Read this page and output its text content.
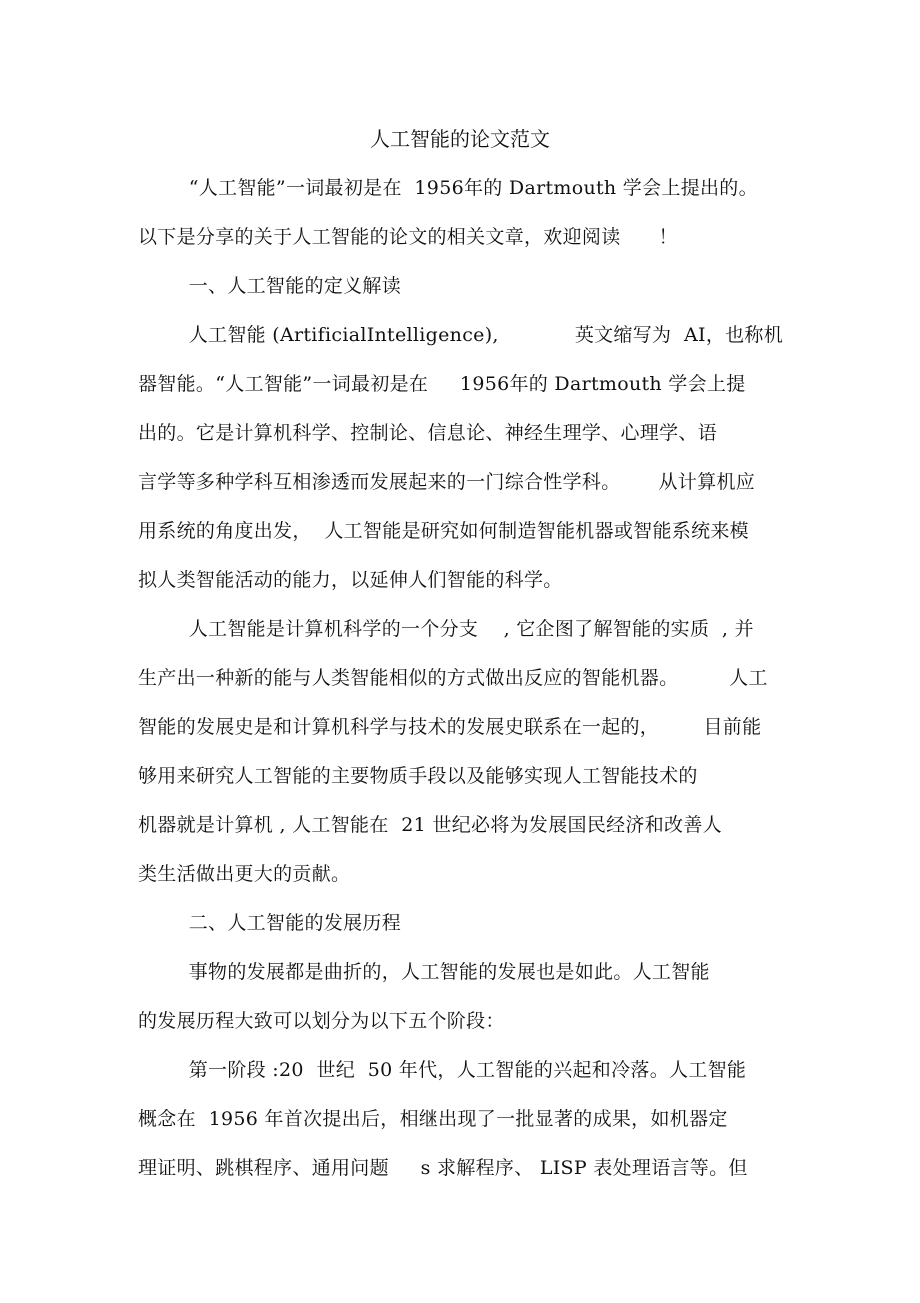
人工智能的论文范文
“人工智能”一词最初是在  1956年的 Dartmouth 学会上提出的。
以下是分享的关于人工智能的论文的相关文章，欢迎阅读      ！
一、人工智能的定义解读
人工智能 (ArtificialIntelligence),            英文缩写为  AI，也称机
器智能。“人工智能”一词最初是在     1956年的 Dartmouth 学会上提
出的。它是计算机科学、控制论、信息论、神经生理学、心理学、语
言学等多种学科互相渗透而发展起来的一门综合性学科。      从计算机应
用系统的角度出发，  人工智能是研究如何制造智能机器或智能系统来模
拟人类智能活动的能力，以延伸人们智能的科学。
人工智能是计算机科学的一个分支    , 它企图了解智能的实质  , 并
生产出一种新的能与人类智能相似的方式做出反应的智能机器。        人工
智能的发展史是和计算机科学与技术的发展史联系在一起的，       目前能
够用来研究人工智能的主要物质手段以及能够实现人工智能技术的
机器就是计算机 , 人工智能在  21 世纪必将为发展国民经济和改善人
类生活做出更大的贡献。
二、人工智能的发展历程
事物的发展都是曲折的，人工智能的发展也是如此。人工智能
的发展历程大致可以划分为以下五个阶段：
第一阶段 :20  世纪  50 年代，人工智能的兴起和冷落。人工智能
概念在  1956 年首次提出后，相继出现了一批显著的成果，如机器定
理证明、跳棋程序、通用问题     s 求解程序、 LISP 表处理语言等。但
